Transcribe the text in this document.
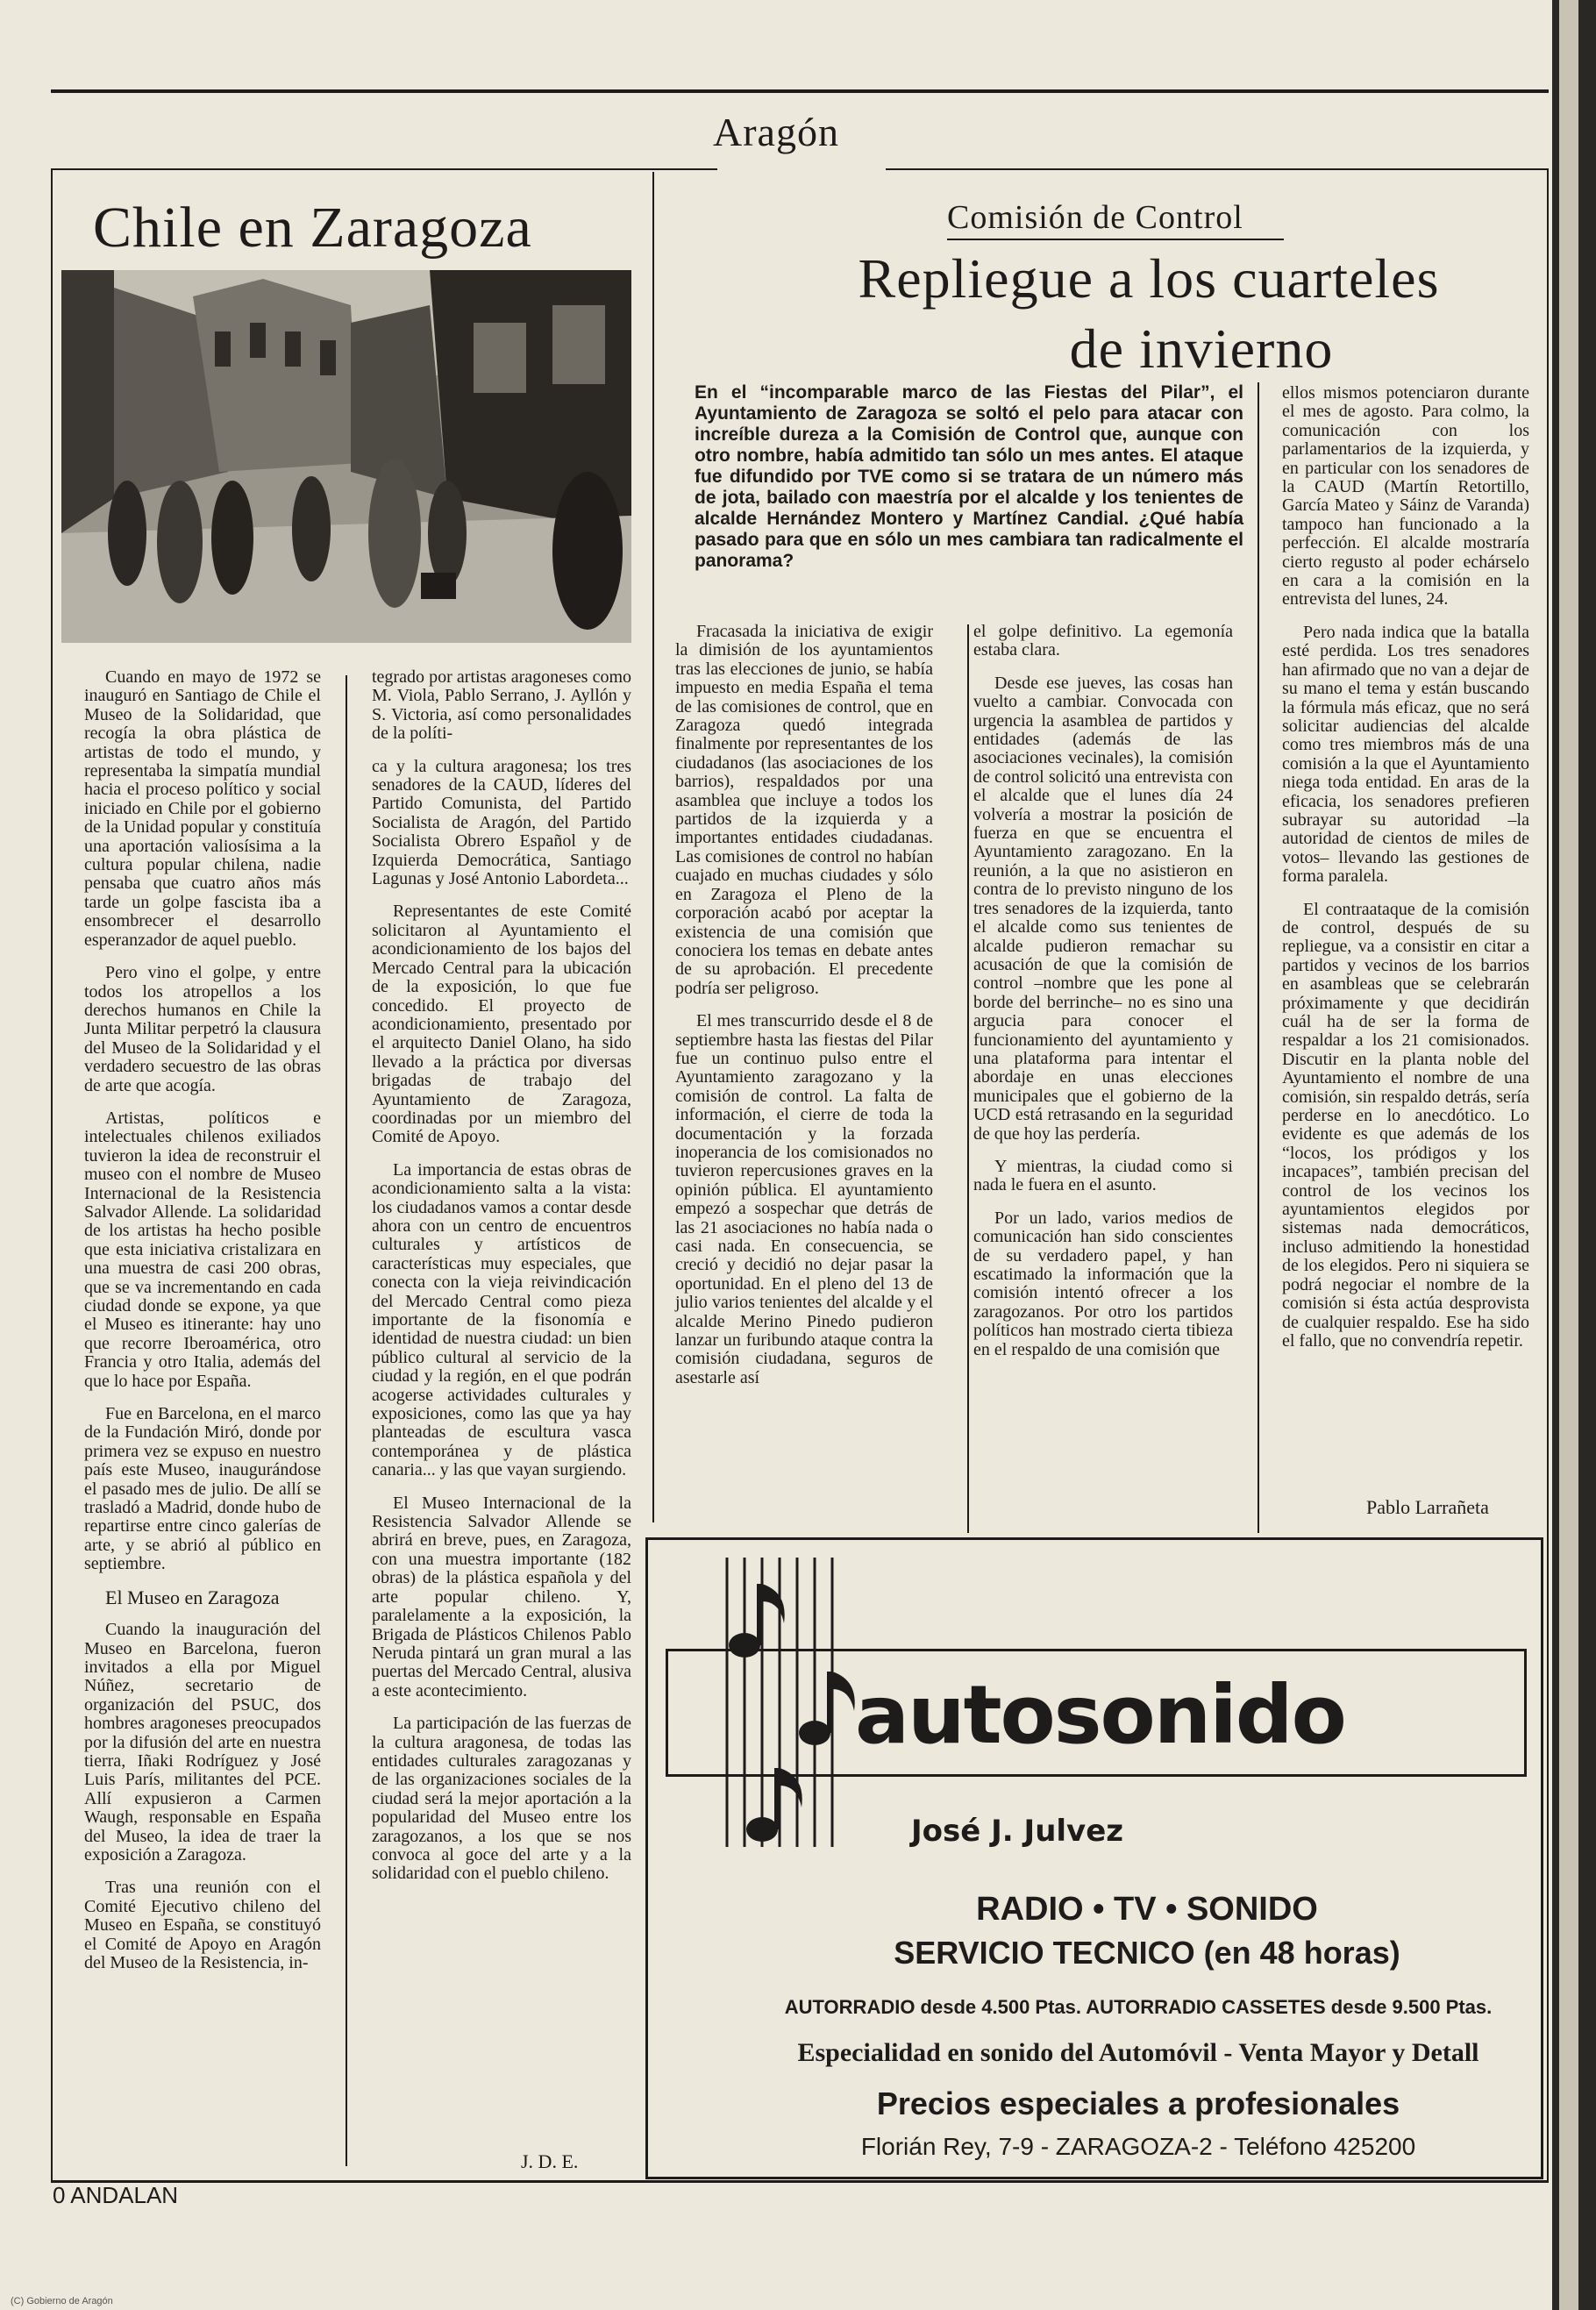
Aragón
Chile en Zaragoza

Cuando en mayo de 1972 se inauguró en Santiago de Chile el Museo de la Solidaridad, que recogía la obra plástica de artistas de todo el mundo, y representaba la simpatía mundial hacia el proceso político y social iniciado en Chile por el gobierno de la Unidad popular y constituía una aportación valiosísima a la cultura popular chilena, nadie pensaba que cuatro años más tarde un golpe fascista iba a ensombrecer el desarrollo esperanzador de aquel pueblo.

Pero vino el golpe, y entre todos los atropellos a los derechos humanos en Chile la Junta Militar perpetró la clausura del Museo de la Solidaridad y el verdadero secuestro de las obras de arte que acogía.

Artistas, políticos e intelectuales chilenos exiliados tuvieron la idea de reconstruir el museo con el nombre de Museo Internacional de la Resistencia Salvador Allende. La solidaridad de los artistas ha hecho posible que esta iniciativa cristalizara en una muestra de casi 200 obras, que se va incrementando en cada ciudad donde se expone, ya que el Museo es itinerante: hay uno que recorre Iberoamérica, otro Francia y otro Italia, además del que lo hace por España.

Fue en Barcelona, en el marco de la Fundación Miró, donde por primera vez se expuso en nuestro país este Museo, inaugurándose el pasado mes de julio. De allí se trasladó a Madrid, donde hubo de repartirse entre cinco galerías de arte, y se abrió al público en septiembre.

El Museo en Zaragoza

Cuando la inauguración del Museo en Barcelona, fueron invitados a ella por Miguel Núñez, secretario de organización del PSUC, dos hombres aragoneses preocupados por la difusión del arte en nuestra tierra, Iñaki Rodríguez y José Luis París, militantes del PCE. Allí expusieron a Carmen Waugh, responsable en España del Museo, la idea de traer la exposición a Zaragoza.

Tras una reunión con el Comité Ejecutivo chileno del Museo en España, se constituyó el Comité de Apoyo en Aragón del Museo de la Resistencia, in-

tegrado por artistas aragoneses como M. Viola, Pablo Serrano, J. Ayllón y S. Victoria, así como personalidades de la políti-

ca y la cultura aragonesa; los tres senadores de la CAUD, líderes del Partido Comunista, del Partido Socialista de Aragón, del Partido Socialista Obrero Español y de Izquierda Democrática, Santiago Lagunas y José Antonio Labordeta...

Representantes de este Comité solicitaron al Ayuntamiento el acondicionamiento de los bajos del Mercado Central para la ubicación de la exposición, lo que fue concedido. El proyecto de acondicionamiento, presentado por el arquitecto Daniel Olano, ha sido llevado a la práctica por diversas brigadas de trabajo del Ayuntamiento de Zaragoza, coordinadas por un miembro del Comité de Apoyo.

La importancia de estas obras de acondicionamiento salta a la vista: los ciudadanos vamos a contar desde ahora con un centro de encuentros culturales y artísticos de características muy especiales, que conecta con la vieja reivindicación del Mercado Central como pieza importante de la fisonomía e identidad de nuestra ciudad: un bien público cultural al servicio de la ciudad y la región, en el que podrán acogerse actividades culturales y exposiciones, como las que ya hay planteadas de escultura vasca contemporánea y de plástica canaria... y las que vayan surgiendo.

El Museo Internacional de la Resistencia Salvador Allende se abrirá en breve, pues, en Zaragoza, con una muestra importante (182 obras) de la plástica española y del arte popular chileno. Y, paralelamente a la exposición, la Brigada de Plásticos Chilenos Pablo Neruda pintará un gran mural a las puertas del Mercado Central, alusiva a este acontecimiento.

La participación de las fuerzas de la cultura aragonesa, de todas las entidades culturales zaragozanas y de las organizaciones sociales de la ciudad será la mejor aportación a la popularidad del Museo entre los zaragozanos, a los que se nos convoca al goce del arte y a la solidaridad con el pueblo chileno.

J. D. E.
Comisión de Control
Repliegue a los cuarteles
de invierno
En el “incomparable marco de las Fiestas del Pilar”, el Ayuntamiento de Zaragoza se soltó el pelo para atacar con increíble dureza a la Comisión de Control que, aunque con otro nombre, había admitido tan sólo un mes antes. El ataque fue difundido por TVE como si se tratara de un número más de jota, bailado con maestría por el alcalde y los tenientes de alcalde Hernández Montero y Martínez Candial. ¿Qué había pasado para que en sólo un mes cambiara tan radicalmente el panorama?

Fracasada la iniciativa de exigir la dimisión de los ayuntamientos tras las elecciones de junio, se había impuesto en media España el tema de las comisiones de control, que en Zaragoza quedó integrada finalmente por representantes de los ciudadanos (las asociaciones de los barrios), respaldados por una asamblea que incluye a todos los partidos de la izquierda y a importantes entidades ciudadanas. Las comisiones de control no habían cuajado en muchas ciudades y sólo en Zaragoza el Pleno de la corporación acabó por aceptar la existencia de una comisión que conociera los temas en debate antes de su aprobación. El precedente podría ser peligroso.

El mes transcurrido desde el 8 de septiembre hasta las fiestas del Pilar fue un continuo pulso entre el Ayuntamiento zaragozano y la comisión de control. La falta de información, el cierre de toda la documentación y la forzada inoperancia de los comisionados no tuvieron repercusiones graves en la opinión pública. El ayuntamiento empezó a sospechar que detrás de las 21 asociaciones no había nada o casi nada. En consecuencia, se creció y decidió no dejar pasar la oportunidad. En el pleno del 13 de julio varios tenientes del alcalde y el alcalde Merino Pinedo pudieron lanzar un furibundo ataque contra la comisión ciudadana, seguros de asestarle así

el golpe definitivo. La egemonía estaba clara.

Desde ese jueves, las cosas han vuelto a cambiar. Convocada con urgencia la asamblea de partidos y entidades (además de las asociaciones vecinales), la comisión de control solicitó una entrevista con el alcalde que el lunes día 24 volvería a mostrar la posición de fuerza en que se encuentra el Ayuntamiento zaragozano. En la reunión, a la que no asistieron en contra de lo previsto ninguno de los tres senadores de la izquierda, tanto el alcalde como sus tenientes de alcalde pudieron remachar su acusación de que la comisión de control –nombre que les pone al borde del berrinche– no es sino una argucia para conocer el funcionamiento del ayuntamiento y una plataforma para intentar el abordaje en unas elecciones municipales que el gobierno de la UCD está retrasando en la seguridad de que hoy las perdería.

Y mientras, la ciudad como si nada le fuera en el asunto.

Por un lado, varios medios de comunicación han sido conscientes de su verdadero papel, y han escatimado la información que la comisión intentó ofrecer a los zaragozanos. Por otro los partidos políticos han mostrado cierta tibieza en el respaldo de una comisión que

ellos mismos potenciaron durante el mes de agosto. Para colmo, la comunicación con los parlamentarios de la izquierda, y en particular con los senadores de la CAUD (Martín Retortillo, García Mateo y Sáinz de Varanda) tampoco han funcionado a la perfección. El alcalde mostraría cierto regusto al poder echárselo en cara a la comisión en la entrevista del lunes, 24.

Pero nada indica que la batalla esté perdida. Los tres senadores han afirmado que no van a dejar de su mano el tema y están buscando la fórmula más eficaz, que no será solicitar audiencias del alcalde como tres miembros más de una comisión a la que el Ayuntamiento niega toda entidad. En aras de la eficacia, los senadores prefieren subrayar su autoridad –la autoridad de cientos de miles de votos– llevando las gestiones de forma paralela.

El contraataque de la comisión de control, después de su repliegue, va a consistir en citar a partidos y vecinos de los barrios en asambleas que se celebrarán próximamente y que decidirán cuál ha de ser la forma de respaldar a los 21 comisionados. Discutir en la planta noble del Ayuntamiento el nombre de una comisión, sin respaldo detrás, sería perderse en lo anecdótico. Lo evidente es que además de los “locos, los pródigos y los incapaces”, también precisan del control de los vecinos los ayuntamientos elegidos por sistemas nada democráticos, incluso admitiendo la honestidad de los elegidos. Pero ni siquiera se podrá negociar el nombre de la comisión si ésta actúa desprovista de cualquier respaldo. Ese ha sido el fallo, que no convendría repetir.

Pablo Larrañeta
autosonido
José J. Julvez
RADIO • TV • SONIDO
SERVICIO TECNICO (en 48 horas)
AUTORRADIO desde 4.500 Ptas. AUTORRADIO CASSETES desde 9.500 Ptas.
Especialidad en sonido del Automóvil - Venta Mayor y Detall
Precios especiales a profesionales
Florián Rey, 7-9 - ZARAGOZA-2 - Teléfono 425200
0 ANDALAN
(C) Gobierno de Aragón
